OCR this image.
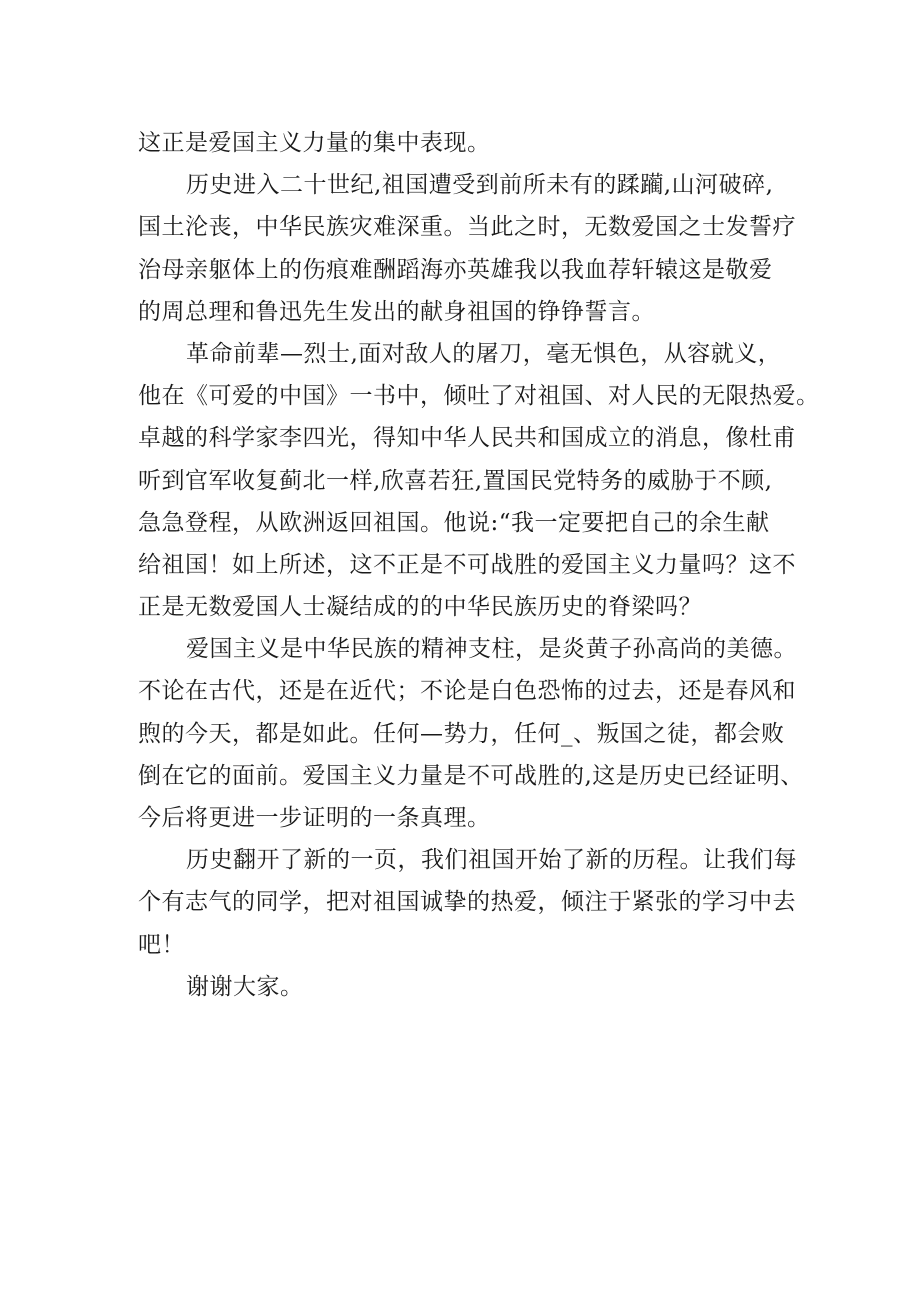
这正是爱国主义力量的集中表现。
历史进入二十世纪,祖国遭受到前所未有的蹂躏,山河破碎,
国土沦丧，中华民族灾难深重。当此之时，无数爱国之士发誓疗
治母亲躯体上的伤痕难酬蹈海亦英雄我以我血荐轩辕这是敬爱
的周总理和鲁迅先生发出的献身祖国的铮铮誓言。
革命前辈—烈士,面对敌人的屠刀，毫无惧色，从容就义，
他在《可爱的中国》一书中，倾吐了对祖国、对人民的无限热爱。
卓越的科学家李四光，得知中华人民共和国成立的消息，像杜甫
听到官军收复蓟北一样,欣喜若狂,置国民党特务的威胁于不顾,
急急登程，从欧洲返回祖国。他说:“我一定要把自己的余生献
给祖国！如上所述，这不正是不可战胜的爱国主义力量吗？这不
正是无数爱国人士凝结成的的中华民族历史的脊梁吗？
爱国主义是中华民族的精神支柱，是炎黄子孙高尚的美德。
不论在古代，还是在近代；不论是白色恐怖的过去，还是春风和
煦的今天，都是如此。任何—势力，任何_、叛国之徒，都会败
倒在它的面前。爱国主义力量是不可战胜的,这是历史已经证明、
今后将更进一步证明的一条真理。
历史翻开了新的一页，我们祖国开始了新的历程。让我们每
个有志气的同学，把对祖国诚挚的热爱，倾注于紧张的学习中去
吧！
谢谢大家。
